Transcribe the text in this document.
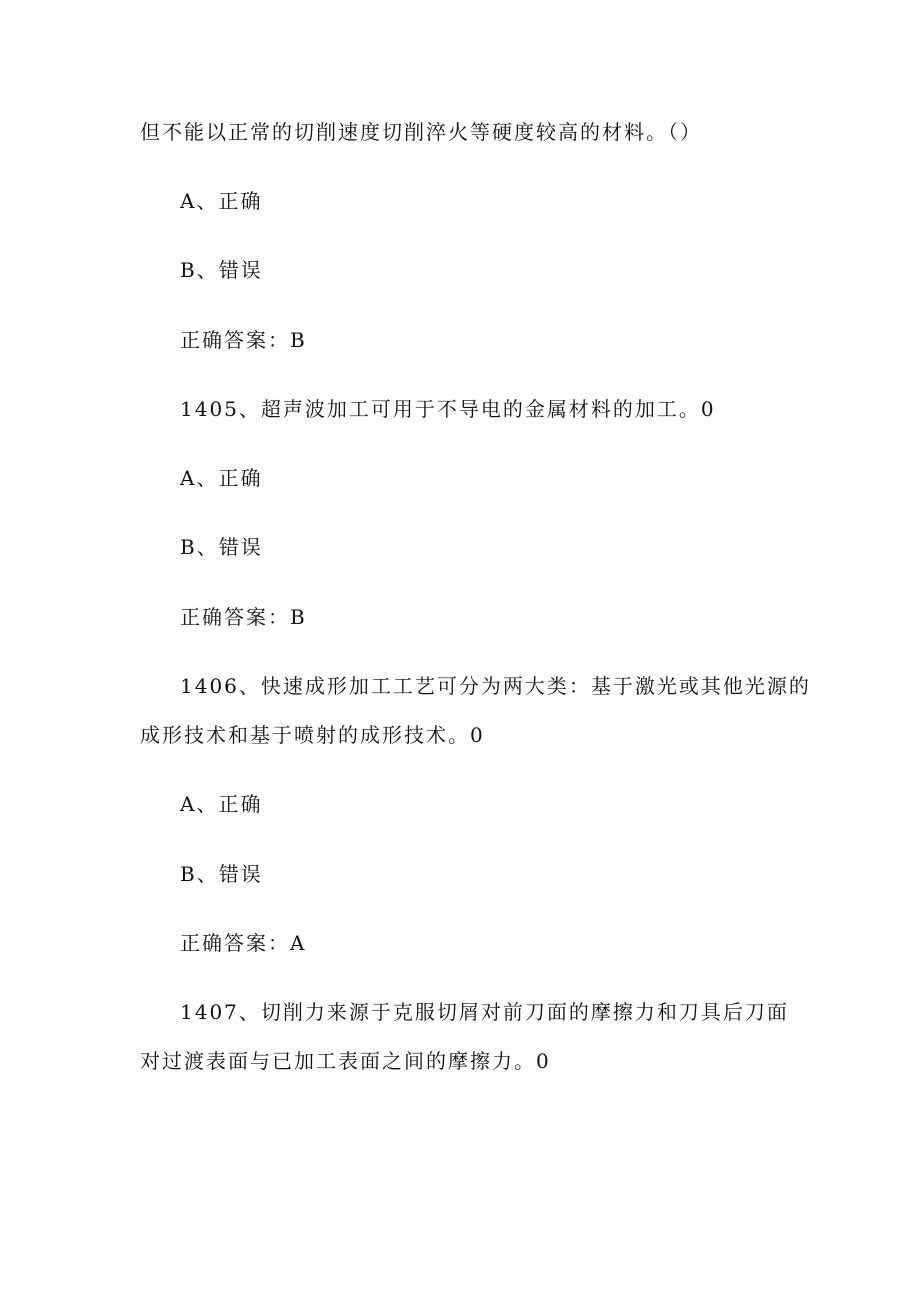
但不能以正常的切削速度切削淬火等硬度较高的材料。（）
A、正确
B、错误
正确答案：B
1405、超声波加工可用于不导电的金属材料的加工。0
A、正确
B、错误
正确答案：B
1406、快速成形加工工艺可分为两大类：基于激光或其他光源的
成形技术和基于喷射的成形技术。0
A、正确
B、错误
正确答案：A
1407、切削力来源于克服切屑对前刀面的摩擦力和刀具后刀面
对过渡表面与已加工表面之间的摩擦力。0
